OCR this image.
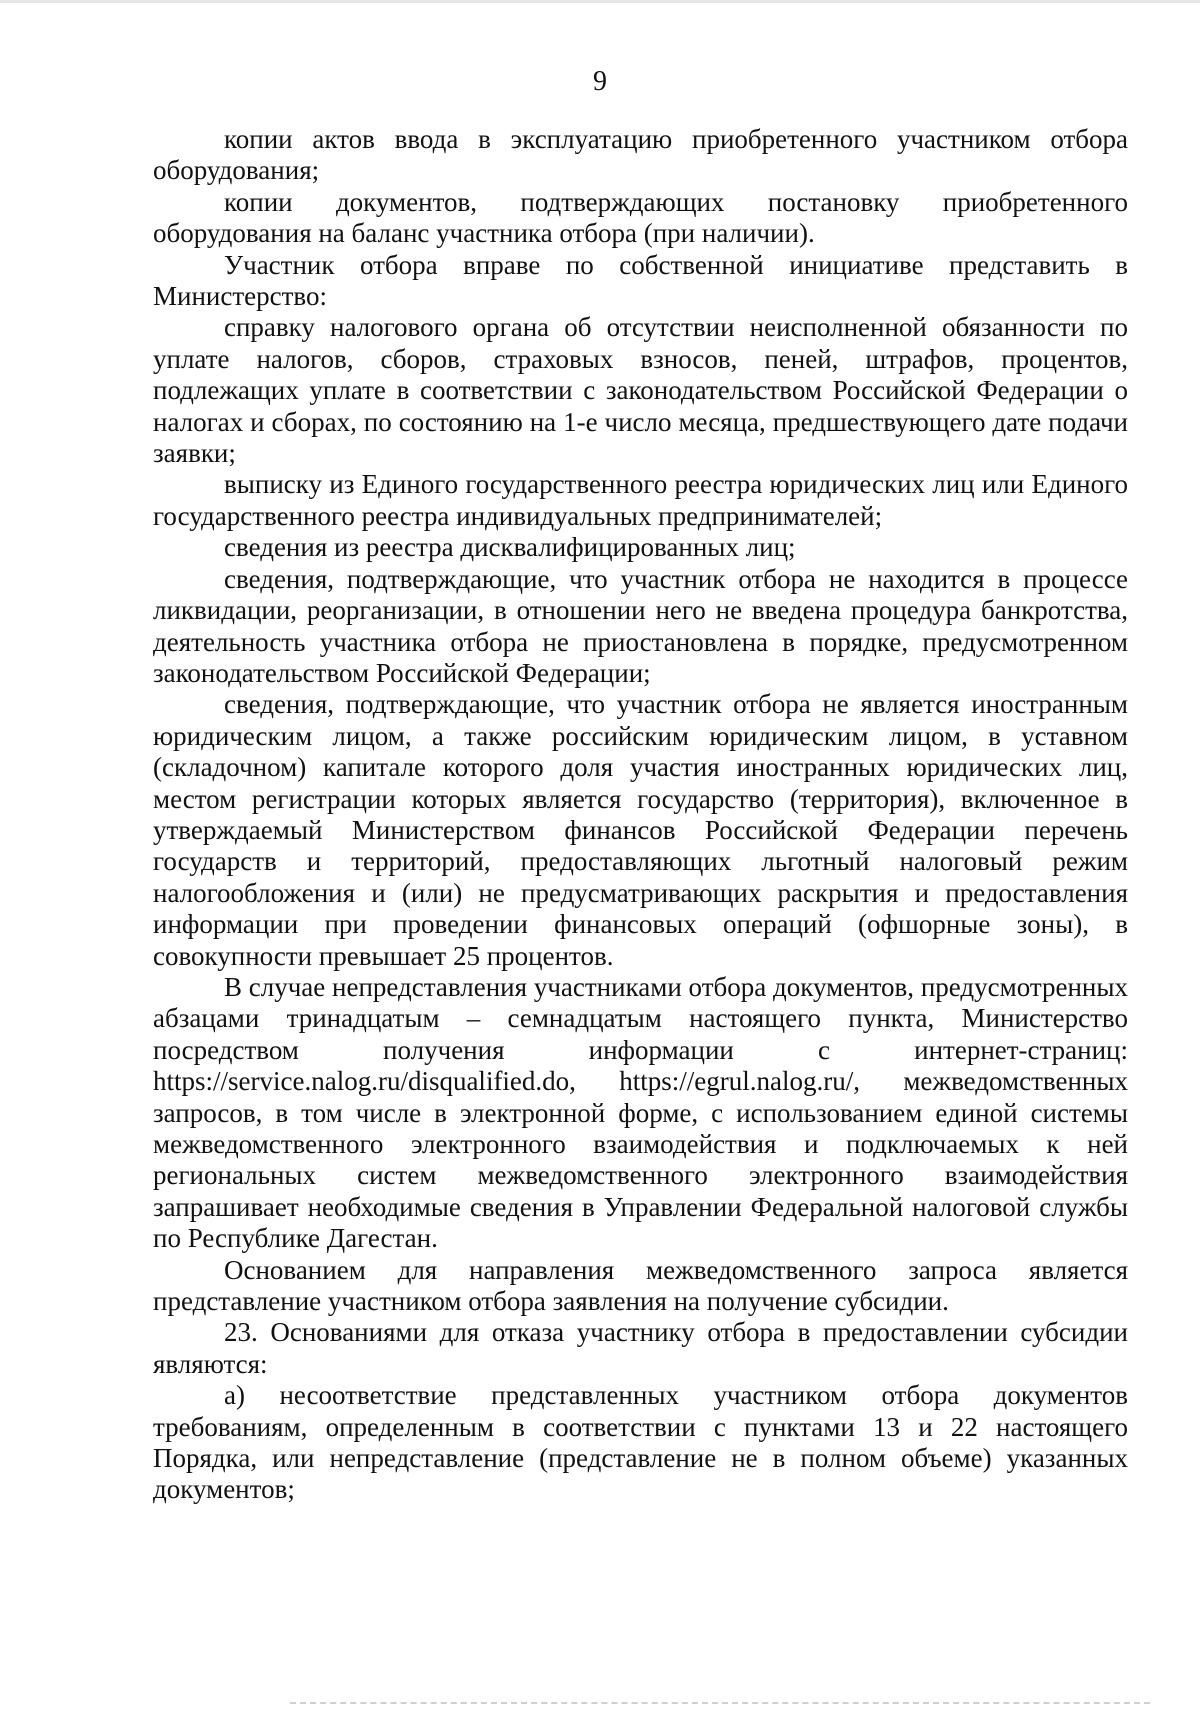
9

копии актов ввода в эксплуатацию приобретенного участником отбора оборудования;

копии документов, подтверждающих постановку приобретенного оборудования на баланс участника отбора (при наличии).

Участник отбора вправе по собственной инициативе представить в Министерство:

справку налогового органа об отсутствии неисполненной обязанности по уплате налогов, сборов, страховых взносов, пеней, штрафов, процентов, подлежащих уплате в соответствии с законодательством Российской Федерации о налогах и сборах, по состоянию на 1-е число месяца, предшествующего дате подачи заявки;

выписку из Единого государственного реестра юридических лиц или Единого государственного реестра индивидуальных предпринимателей;

сведения из реестра дисквалифицированных лиц;

сведения, подтверждающие, что участник отбора не находится в процессе ликвидации, реорганизации, в отношении него не введена процедура банкротства, деятельность участника отбора не приостановлена в порядке, предусмотренном законодательством Российской Федерации;

сведения, подтверждающие, что участник отбора не является иностранным юридическим лицом, а также российским юридическим лицом, в уставном (складочном) капитале которого доля участия иностранных юридических лиц, местом регистрации которых является государство (территория), включенное в утверждаемый Министерством финансов Российской Федерации перечень государств и территорий, предоставляющих льготный налоговый режим налогообложения и (или) не предусматривающих раскрытия и предоставления информации при проведении финансовых операций (офшорные зоны), в совокупности превышает 25 процентов.

В случае непредставления участниками отбора документов, предусмотренных абзацами тринадцатым – семнадцатым настоящего пункта, Министерство посредством получения информации с интернет-страниц: https://service.nalog.ru/disqualified.do, https://egrul.nalog.ru/, межведомственных запросов, в том числе в электронной форме, с использованием единой системы межведомственного электронного взаимодействия и подключаемых к ней региональных систем межведомственного электронного взаимодействия запрашивает необходимые сведения в Управлении Федеральной налоговой службы по Республике Дагестан.

Основанием для направления межведомственного запроса является представление участником отбора заявления на получение субсидии.

23. Основаниями для отказа участнику отбора в предоставлении субсидии являются:

а) несоответствие представленных участником отбора документов требованиям, определенным в соответствии с пунктами 13 и 22 настоящего Порядка, или непредставление (представление не в полном объеме) указанных документов;
